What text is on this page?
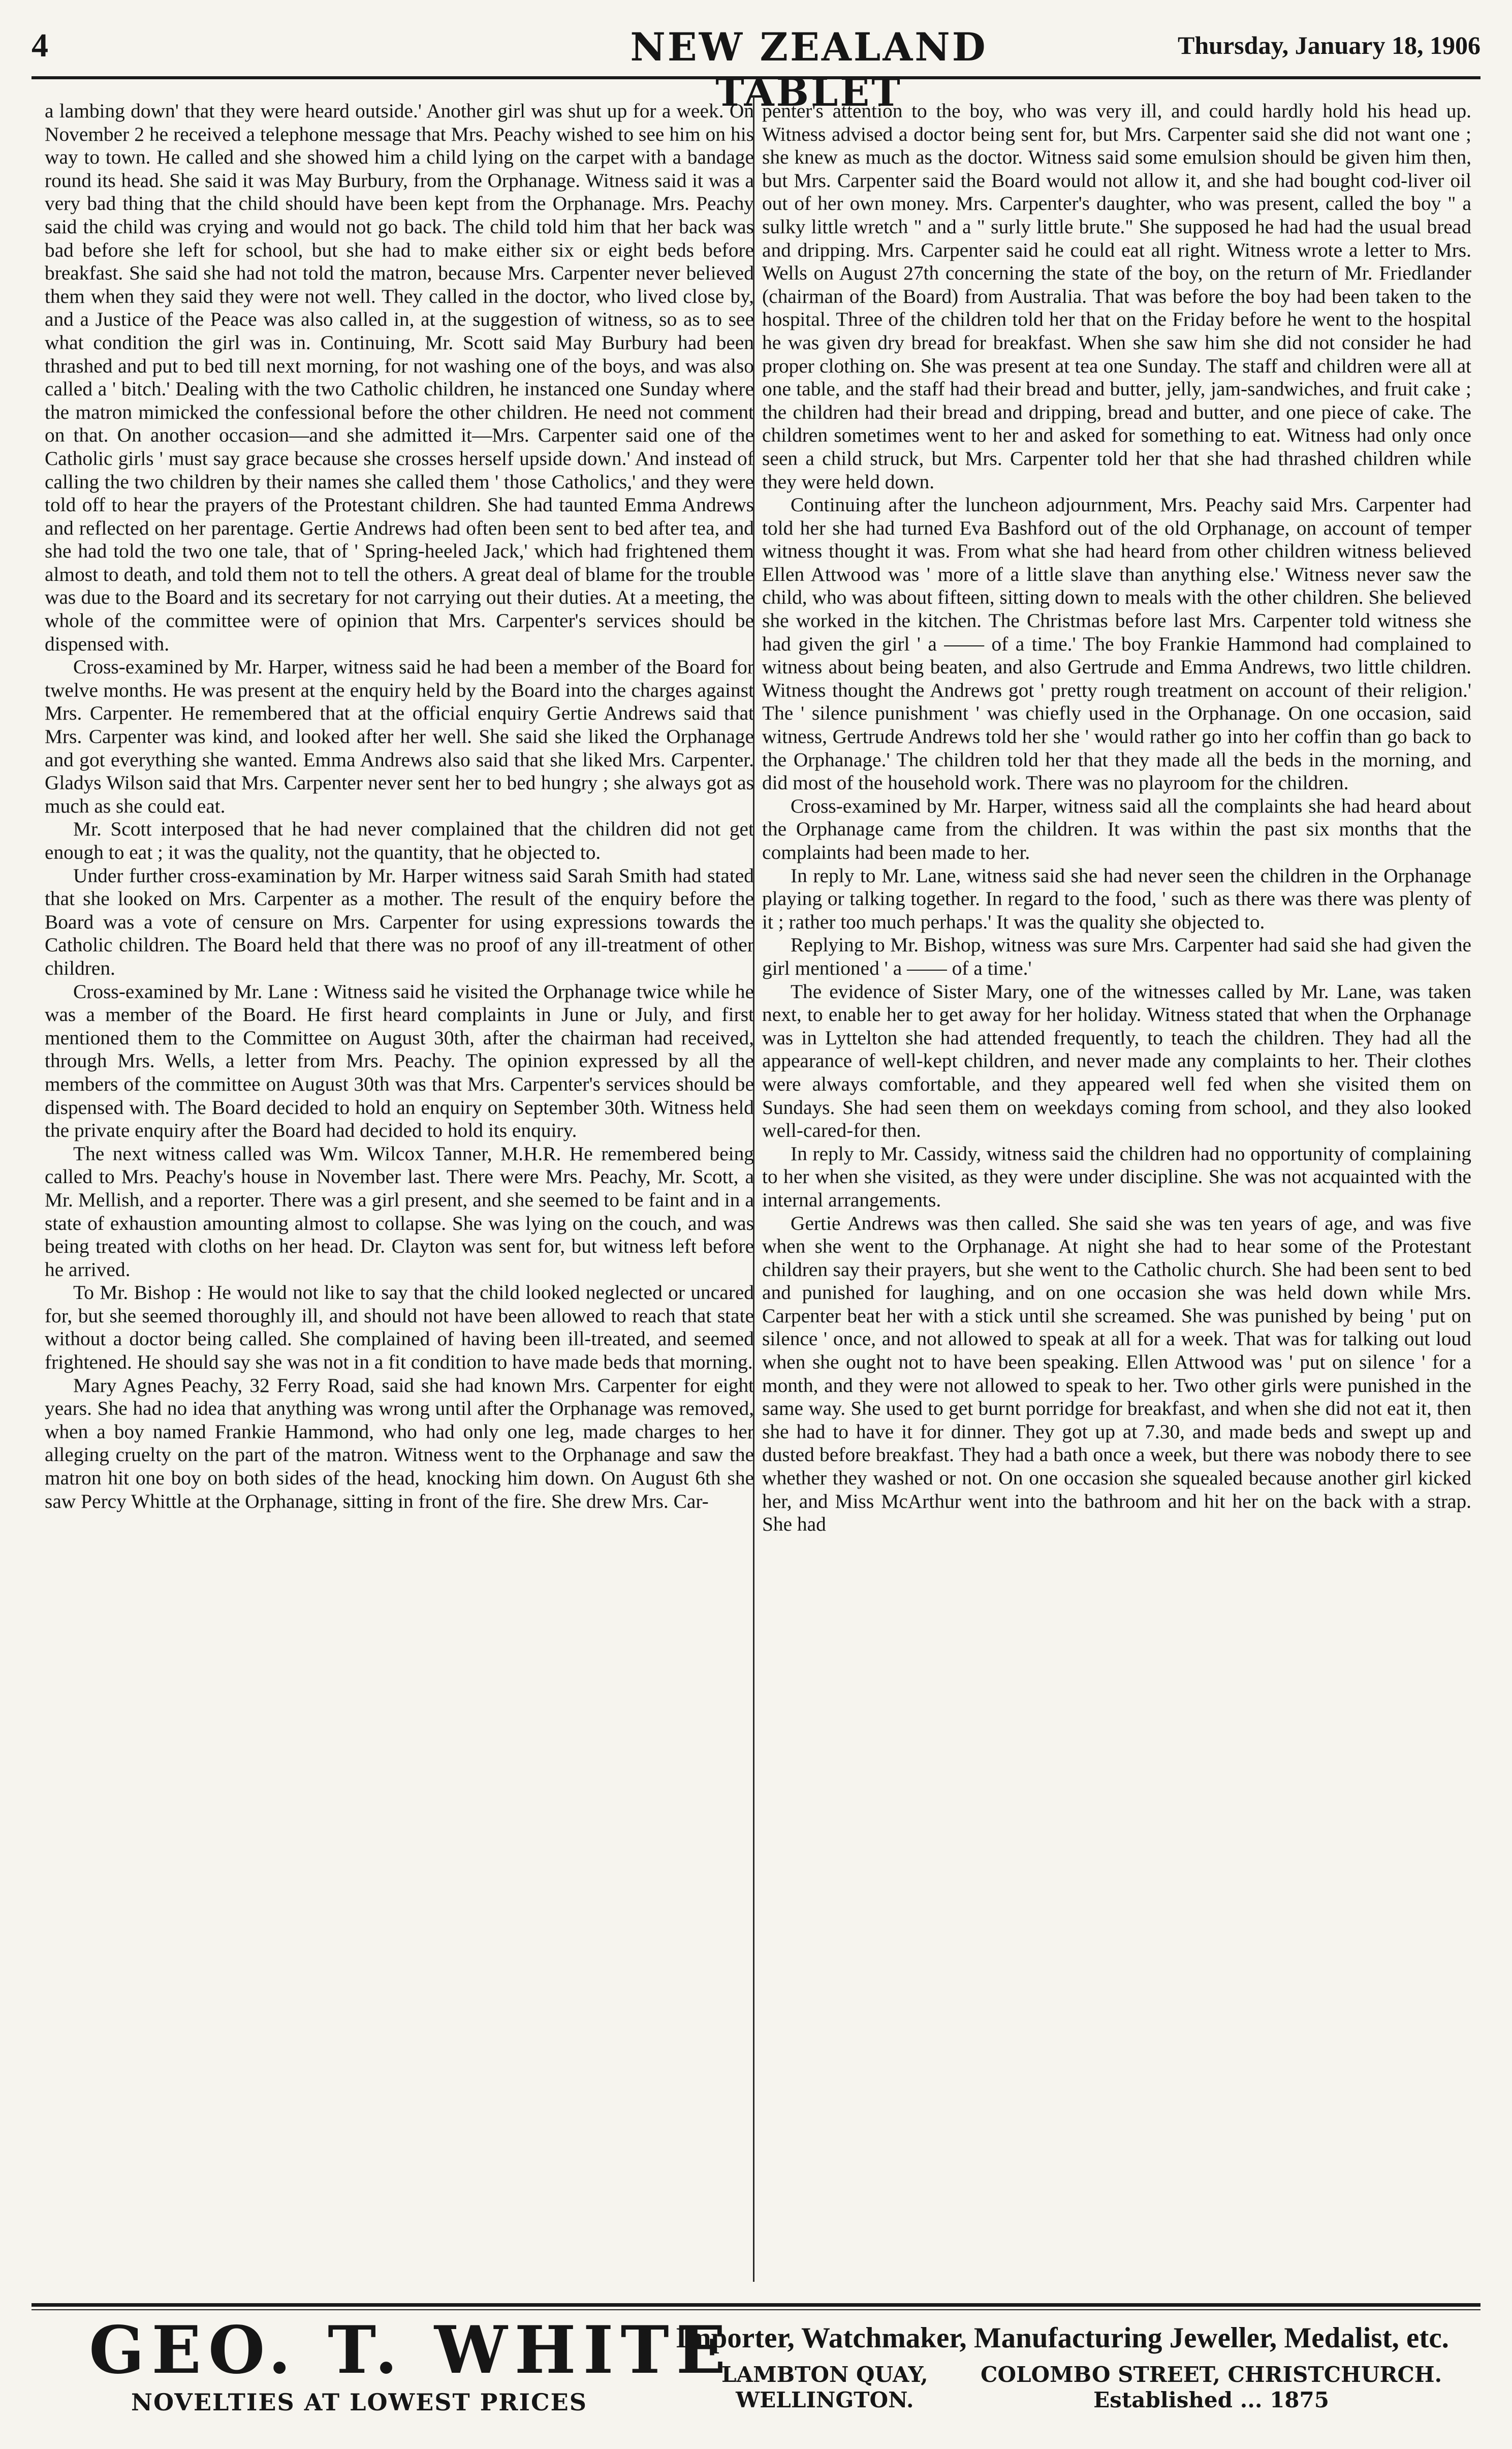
4	NEW ZEALAND TABLET
Thursday, January 18, 1906

a lambing down' that they were heard outside.' Another girl was shut up for a week. On November 2 he received a telephone message that Mrs. Peachy wished to see him on his way to town. He called and she showed him a child lying on the carpet with a bandage round its head. She said it was May Burbury, from the Orphanage. Witness said it was a very bad thing that the child should have been kept from the Orphanage. Mrs. Peachy said the child was crying and would not go back. The child told him that her back was bad before she left for school, but she had to make either six or eight beds before breakfast. She said she had not told the matron, because Mrs. Carpenter never believed them when they said they were not well. They called in the doctor, who lived close by, and a Justice of the Peace was also called in, at the suggestion of witness, so as to see what condition the girl was in. Continuing, Mr. Scott said May Burbury had been thrashed and put to bed till next morning, for not washing one of the boys, and was also called a ' bitch.' Dealing with the two Catholic children, he instanced one Sunday where the matron mimicked the confessional before the other children. He need not comment on that. On another occasion—and she admitted it—Mrs. Carpenter said one of the Catholic girls ' must say grace because she crosses herself upside down.' And instead of calling the two children by their names she called them ' those Catholics,' and they were told off to hear the prayers of the Protestant children. She had taunted Emma Andrews and reflected on her parentage. Gertie Andrews had often been sent to bed after tea, and she had told the two one tale, that of ' Spring-heeled Jack,' which had frightened them almost to death, and told them not to tell the others. A great deal of blame for the trouble was due to the Board and its secretary for not carrying out their duties. At a meeting, the whole of the committee were of opinion that Mrs. Carpenter's services should be dispensed with.

Cross-examined by Mr. Harper, witness said he had been a member of the Board for twelve months. He was present at the enquiry held by the Board into the charges against Mrs. Carpenter. He remembered that at the official enquiry Gertie Andrews said that Mrs. Carpenter was kind, and looked after her well. She said she liked the Orphanage and got everything she wanted. Emma Andrews also said that she liked Mrs. Carpenter. Gladys Wilson said that Mrs. Carpenter never sent her to bed hungry ; she always got as much as she could eat.

Mr. Scott interposed that he had never complained that the children did not get enough to eat ; it was the quality, not the quantity, that he objected to.

Under further cross-examination by Mr. Harper witness said Sarah Smith had stated that she looked on Mrs. Carpenter as a mother. The result of the enquiry before the Board was a vote of censure on Mrs. Carpenter for using expressions towards the Catholic children. The Board held that there was no proof of any ill-treatment of other children.

Cross-examined by Mr. Lane : Witness said he visited the Orphanage twice while he was a member of the Board. He first heard complaints in June or July, and first mentioned them to the Committee on August 30th, after the chairman had received, through Mrs. Wells, a letter from Mrs. Peachy. The opinion expressed by all the members of the committee on August 30th was that Mrs. Carpenter's services should be dispensed with. The Board decided to hold an enquiry on September 30th. Witness held the private enquiry after the Board had decided to hold its enquiry.

The next witness called was Wm. Wilcox Tanner, M.H.R. He remembered being called to Mrs. Peachy's house in November last. There were Mrs. Peachy, Mr. Scott, a Mr. Mellish, and a reporter. There was a girl present, and she seemed to be faint and in a state of exhaustion amounting almost to collapse. She was lying on the couch, and was being treated with cloths on her head. Dr. Clayton was sent for, but witness left before he arrived.

To Mr. Bishop : He would not like to say that the child looked neglected or uncared for, but she seemed thoroughly ill, and should not have been allowed to reach that state without a doctor being called. She complained of having been ill-treated, and seemed frightened. He should say she was not in a fit condition to have made beds that morning.

Mary Agnes Peachy, 32 Ferry Road, said she had known Mrs. Carpenter for eight years. She had no idea that anything was wrong until after the Orphanage was removed, when a boy named Frankie Hammond, who had only one leg, made charges to her alleging cruelty on the part of the matron. Witness went to the Orphanage and saw the matron hit one boy on both sides of the head, knocking him down. On August 6th she saw Percy Whittle at the Orphanage, sitting in front of the fire. She drew Mrs. Car-

penter's attention to the boy, who was very ill, and could hardly hold his head up. Witness advised a doctor being sent for, but Mrs. Carpenter said she did not want one ; she knew as much as the doctor. Witness said some emulsion should be given him then, but Mrs. Carpenter said the Board would not allow it, and she had bought cod-liver oil out of her own money. Mrs. Carpenter's daughter, who was present, called the boy " a sulky little wretch " and a " surly little brute." She supposed he had had the usual bread and dripping. Mrs. Carpenter said he could eat all right. Witness wrote a letter to Mrs. Wells on August 27th concerning the state of the boy, on the return of Mr. Friedlander (chairman of the Board) from Australia. That was before the boy had been taken to the hospital. Three of the children told her that on the Friday before he went to the hospital he was given dry bread for breakfast. When she saw him she did not consider he had proper clothing on. She was present at tea one Sunday. The staff and children were all at one table, and the staff had their bread and butter, jelly, jam-sandwiches, and fruit cake ; the children had their bread and dripping, bread and butter, and one piece of cake. The children sometimes went to her and asked for something to eat. Witness had only once seen a child struck, but Mrs. Carpenter told her that she had thrashed children while they were held down.

Continuing after the luncheon adjournment, Mrs. Peachy said Mrs. Carpenter had told her she had turned Eva Bashford out of the old Orphanage, on account of temper witness thought it was. From what she had heard from other children witness believed Ellen Attwood was ' more of a little slave than anything else.' Witness never saw the child, who was about fifteen, sitting down to meals with the other children. She believed she worked in the kitchen. The Christmas before last Mrs. Carpenter told witness she had given the girl ' a —— of a time.' The boy Frankie Hammond had complained to witness about being beaten, and also Gertrude and Emma Andrews, two little children. Witness thought the Andrews got ' pretty rough treatment on account of their religion.' The ' silence punishment ' was chiefly used in the Orphanage. On one occasion, said witness, Gertrude Andrews told her she ' would rather go into her coffin than go back to the Orphanage.' The children told her that they made all the beds in the morning, and did most of the household work. There was no playroom for the children.

Cross-examined by Mr. Harper, witness said all the complaints she had heard about the Orphanage came from the children. It was within the past six months that the complaints had been made to her.

In reply to Mr. Lane, witness said she had never seen the children in the Orphanage playing or talking together. In regard to the food, ' such as there was there was plenty of it ; rather too much perhaps.' It was the quality she objected to.

Replying to Mr. Bishop, witness was sure Mrs. Carpenter had said she had given the girl mentioned ' a —— of a time.'

The evidence of Sister Mary, one of the witnesses called by Mr. Lane, was taken next, to enable her to get away for her holiday. Witness stated that when the Orphanage was in Lyttelton she had attended frequently, to teach the children. They had all the appearance of well-kept children, and never made any complaints to her. Their clothes were always comfortable, and they appeared well fed when she visited them on Sundays. She had seen them on weekdays coming from school, and they also looked well-cared-for then.

In reply to Mr. Cassidy, witness said the children had no opportunity of complaining to her when she visited, as they were under discipline. She was not acquainted with the internal arrangements.

Gertie Andrews was then called. She said she was ten years of age, and was five when she went to the Orphanage. At night she had to hear some of the Protestant children say their prayers, but she went to the Catholic church. She had been sent to bed and punished for laughing, and on one occasion she was held down while Mrs. Carpenter beat her with a stick until she screamed. She was punished by being ' put on silence ' once, and not allowed to speak at all for a week. That was for talking out loud when she ought not to have been speaking. Ellen Attwood was ' put on silence ' for a month, and they were not allowed to speak to her. Two other girls were punished in the same way. She used to get burnt porridge for breakfast, and when she did not eat it, then she had to have it for dinner. They got up at 7.30, and made beds and swept up and dusted before breakfast. They had a bath once a week, but there was nobody there to see whether they washed or not. On one occasion she squealed because another girl kicked her, and Miss McArthur went into the bathroom and hit her on the back with a strap. She had

GEO. T. WHITE
NOVELTIES AT LOWEST PRICES
Importer, Watchmaker, Manufacturing Jeweller, Medalist, etc.
LAMBTON QUAY,
WELLINGTON.
COLOMBO STREET, CHRISTCHURCH.
Established ... 1875
